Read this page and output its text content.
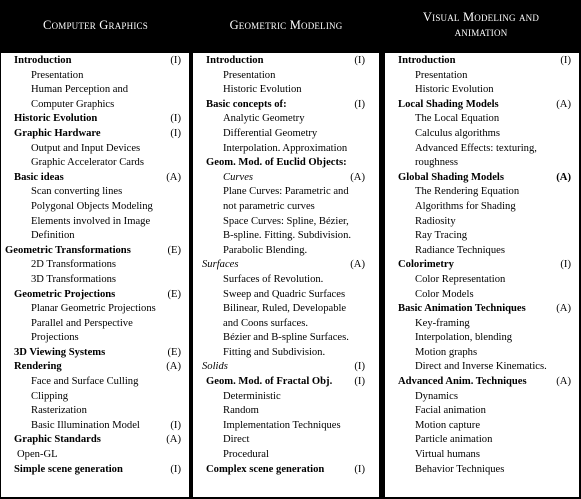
Computer Graphics	Geometric Modeling
Visual Modeling and animation
Introduction	(I)
Presentation
Human Perception and
Computer Graphics
Historic Evolution	(I)
Graphic Hardware	(I)
Output and Input Devices
Graphic Accelerator Cards
Basic ideas	(A)
Scan converting lines
Polygonal Objects Modeling
Elements involved in Image
Definition
Geometric Transformations	(E)
2D Transformations
3D Transformations
Geometric Projections	(E)
Planar Geometric Projections
Parallel and Perspective
Projections
3D Viewing Systems	(E)
Rendering	(A)
Face and Surface Culling
Clipping
Rasterization
Basic Illumination Model	(I)
Graphic Standards	(A)
Open-GL
Simple scene generation	(I)
Introduction	(I)
Presentation
Historic Evolution
Basic concepts of:	(I)
Analytic Geometry
Differential Geometry
Interpolation. Approximation
Geom. Mod. of Euclid Objects:
Curves	(A)
Plane Curves: Parametric and
not parametric curves
Space Curves: Spline, Bézier,
B-spline. Fitting. Subdivision.
Parabolic Blending.
Surfaces	(A)
Surfaces of Revolution.
Sweep and Quadric Surfaces
Bilinear, Ruled, Developable
and Coons surfaces.
Bézier and B-spline Surfaces.
Fitting and Subdivision.
Solids	(I)
Geom. Mod. of Fractal Obj. (I)
Deterministic
Random
Implementation Techniques
Direct
Procedural
Complex scene generation	(I)
Introduction	(I)
Presentation
Historic Evolution
Local Shading Models	(A)
The Local Equation
Calculus algorithms
Advanced Effects: texturing,
roughness
Global Shading Models	(A)
The Rendering Equation
Algorithms for Shading
Radiosity
Ray Tracing
Radiance Techniques
Colorimetry	(I)
Color Representation
Color Models
Basic Animation Techniques	(A)
Key-framing
Interpolation, blending
Motion graphs
Direct and Inverse Kinematics.
Advanced Anim. Techniques	(A)
Dynamics
Facial animation
Motion capture
Particle animation
Virtual humans
Behavior Techniques
